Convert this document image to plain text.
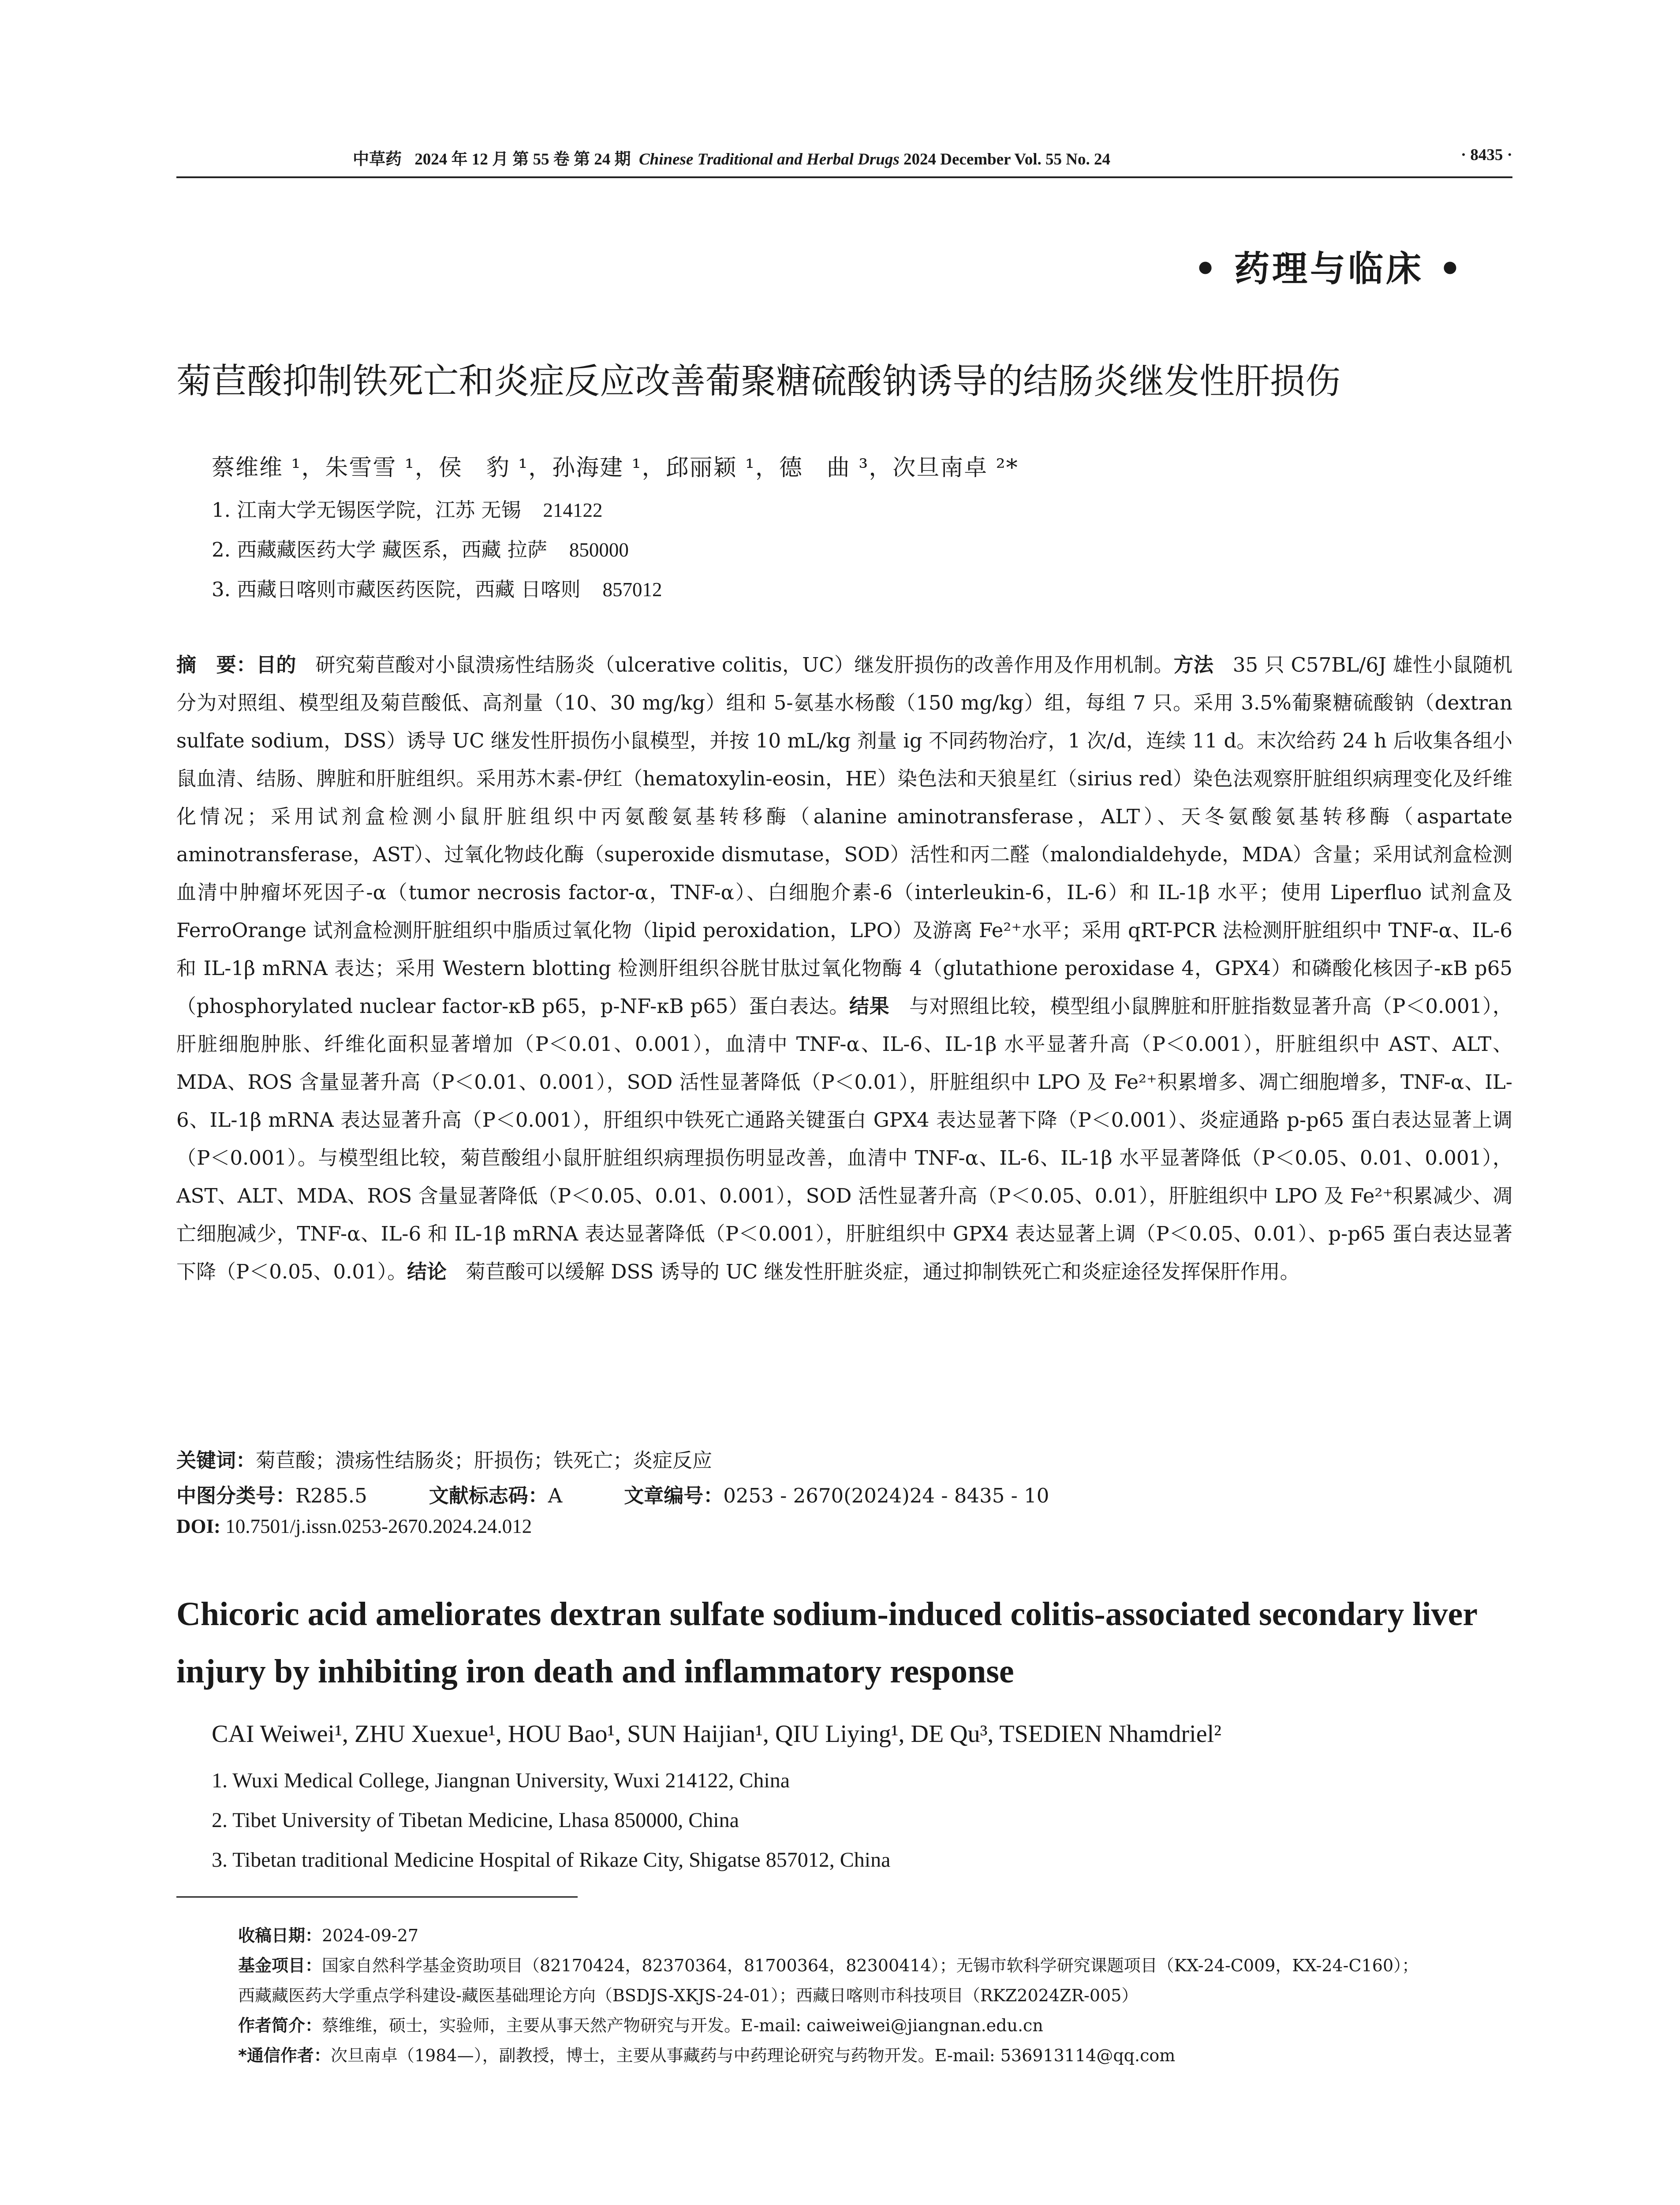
中草药 2024 年 12 月 第 55 卷 第 24 期 Chinese Traditional and Herbal Drugs 2024 December Vol. 55 No. 24	· 8435 ·
• 药理与临床 •
菊苣酸抑制铁死亡和炎症反应改善葡聚糖硫酸钠诱导的结肠炎继发性肝损伤
蔡维维 ¹，朱雪雪 ¹，侯　豹 ¹，孙海建 ¹，邱丽颖 ¹，德　曲 ³，次旦南卓 ²*
1. 江南大学无锡医学院，江苏 无锡 214122
2. 西藏藏医药大学 藏医系，西藏 拉萨 850000
3. 西藏日喀则市藏医药医院，西藏 日喀则 857012
摘　要：目的 研究菊苣酸对小鼠溃疡性结肠炎（ulcerative colitis，UC）继发肝损伤的改善作用及作用机制。方法 35 只 C57BL/6J 雄性小鼠随机分为对照组、模型组及菊苣酸低、高剂量（10、30 mg/kg）组和 5-氨基水杨酸（150 mg/kg）组，每组 7 只。采用 3.5%葡聚糖硫酸钠（dextran sulfate sodium，DSS）诱导 UC 继发性肝损伤小鼠模型，并按 10 mL/kg 剂量 ig 不同药物治疗，1 次/d，连续 11 d。末次给药 24 h 后收集各组小鼠血清、结肠、脾脏和肝脏组织。采用苏木素-伊红（hematoxylin-eosin，HE）染色法和天狼星红（sirius red）染色法观察肝脏组织病理变化及纤维化情况；采用试剂盒检测小鼠肝脏组织中丙氨酸氨基转移酶（alanine aminotransferase，ALT）、天冬氨酸氨基转移酶（aspartate aminotransferase，AST）、过氧化物歧化酶（superoxide dismutase，SOD）活性和丙二醛（malondialdehyde，MDA）含量；采用试剂盒检测血清中肿瘤坏死因子-α（tumor necrosis factor-α，TNF-α）、白细胞介素-6（interleukin-6，IL-6）和 IL-1β 水平；使用 Liperfluo 试剂盒及 FerroOrange 试剂盒检测肝脏组织中脂质过氧化物（lipid peroxidation，LPO）及游离 Fe²⁺水平；采用 qRT-PCR 法检测肝脏组织中 TNF-α、IL-6 和 IL-1β mRNA 表达；采用 Western blotting 检测肝组织谷胱甘肽过氧化物酶 4（glutathione peroxidase 4，GPX4）和磷酸化核因子-κB p65（phosphorylated nuclear factor-κB p65，p-NF-κB p65）蛋白表达。结果 与对照组比较，模型组小鼠脾脏和肝脏指数显著升高（P＜0.001），肝脏细胞肿胀、纤维化面积显著增加（P＜0.01、0.001），血清中 TNF-α、IL-6、IL-1β 水平显著升高（P＜0.001），肝脏组织中 AST、ALT、MDA、ROS 含量显著升高（P＜0.01、0.001），SOD 活性显著降低（P＜0.01），肝脏组织中 LPO 及 Fe²⁺积累增多、凋亡细胞增多，TNF-α、IL-6、IL-1β mRNA 表达显著升高（P＜0.001），肝组织中铁死亡通路关键蛋白 GPX4 表达显著下降（P＜0.001）、炎症通路 p-p65 蛋白表达显著上调（P＜0.001）。与模型组比较，菊苣酸组小鼠肝脏组织病理损伤明显改善，血清中 TNF-α、IL-6、IL-1β 水平显著降低（P＜0.05、0.01、0.001），AST、ALT、MDA、ROS 含量显著降低（P＜0.05、0.01、0.001），SOD 活性显著升高（P＜0.05、0.01），肝脏组织中 LPO 及 Fe²⁺积累减少、凋亡细胞减少，TNF-α、IL-6 和 IL-1β mRNA 表达显著降低（P＜0.001），肝脏组织中 GPX4 表达显著上调（P＜0.05、0.01）、p-p65 蛋白表达显著下降（P＜0.05、0.01）。结论 菊苣酸可以缓解 DSS 诱导的 UC 继发性肝脏炎症，通过抑制铁死亡和炎症途径发挥保肝作用。
关键词：菊苣酸；溃疡性结肠炎；肝损伤；铁死亡；炎症反应
中图分类号：R285.5	文献标志码：A	文章编号：0253 - 2670(2024)24 - 8435 - 10
DOI: 10.7501/j.issn.0253-2670.2024.24.012
Chicoric acid ameliorates dextran sulfate sodium-induced colitis-associated secondary liver injury by inhibiting iron death and inflammatory response
CAI Weiwei¹, ZHU Xuexue¹, HOU Bao¹, SUN Haijian¹, QIU Liying¹, DE Qu³, TSEDIEN Nhamdriel²
1. Wuxi Medical College, Jiangnan University, Wuxi 214122, China
2. Tibet University of Tibetan Medicine, Lhasa 850000, China
3. Tibetan traditional Medicine Hospital of Rikaze City, Shigatse 857012, China
收稿日期：2024-09-27
基金项目：国家自然科学基金资助项目（82170424，82370364，81700364，82300414）；无锡市软科学研究课题项目（KX-24-C009，KX-24-C160）；
西藏藏医药大学重点学科建设-藏医基础理论方向（BSDJS-XKJS-24-01）；西藏日喀则市科技项目（RKZ2024ZR-005）
作者简介：蔡维维，硕士，实验师，主要从事天然产物研究与开发。E-mail: caiweiwei@jiangnan.edu.cn
*通信作者：次旦南卓（1984—），副教授，博士，主要从事藏药与中药理论研究与药物开发。E-mail: 536913114@qq.com
